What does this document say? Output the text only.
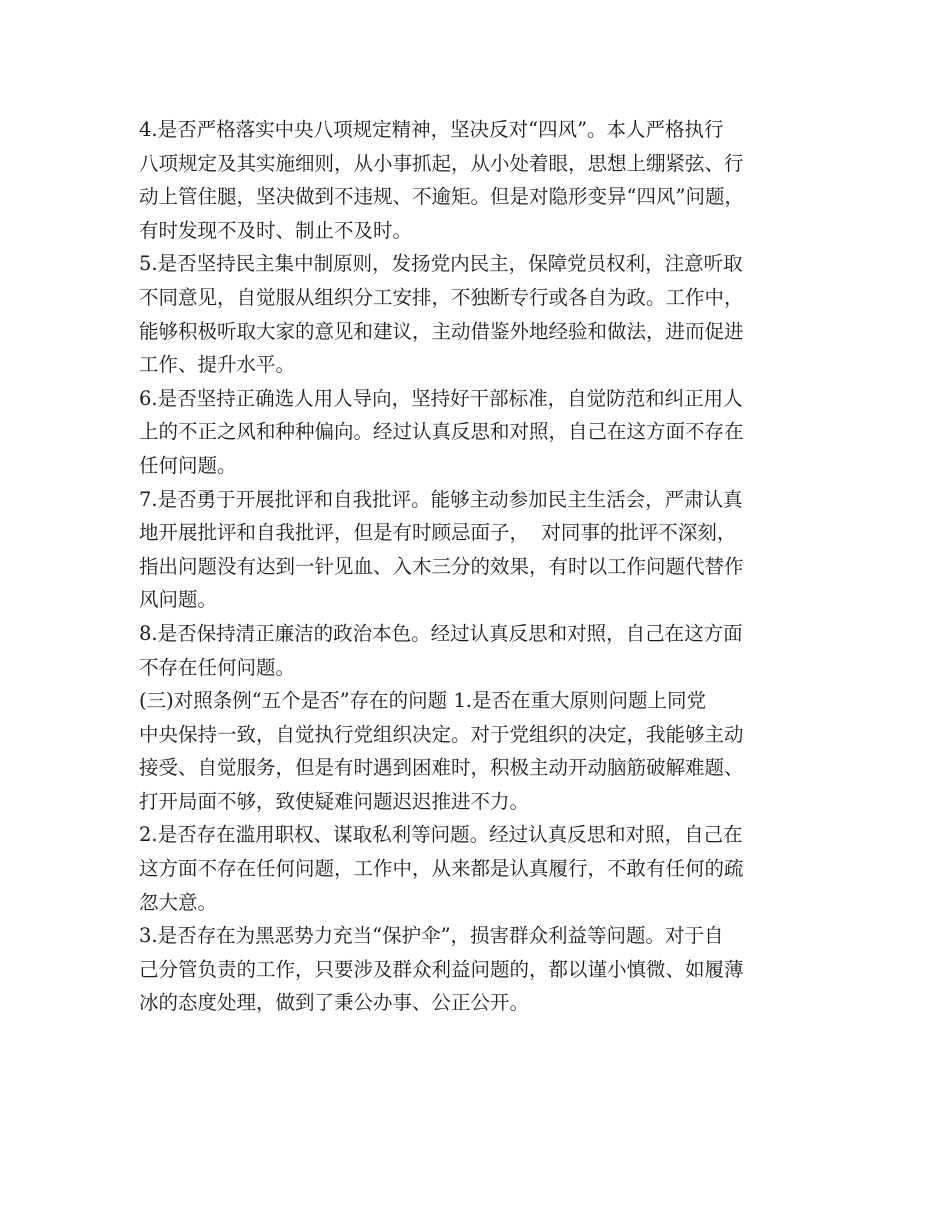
4.是否严格落实中央八项规定精神，坚决反对“四风”。本人严格执行
八项规定及其实施细则，从小事抓起，从小处着眼，思想上绷紧弦、行
动上管住腿，坚决做到不违规、不逾矩。但是对隐形变异“四风”问题，
有时发现不及时、制止不及时。
5.是否坚持民主集中制原则，发扬党内民主，保障党员权利，注意听取
不同意见，自觉服从组织分工安排，不独断专行或各自为政。工作中，
能够积极听取大家的意见和建议，主动借鉴外地经验和做法，进而促进
工作、提升水平。
6.是否坚持正确选人用人导向，坚持好干部标准，自觉防范和纠正用人
上的不正之风和种种偏向。经过认真反思和对照，自己在这方面不存在
任何问题。
7.是否勇于开展批评和自我批评。能够主动参加民主生活会，严肃认真
地开展批评和自我批评，但是有时顾忌面子，  对同事的批评不深刻，
指出问题没有达到一针见血、入木三分的效果，有时以工作问题代替作
风问题。
8.是否保持清正廉洁的政治本色。经过认真反思和对照，自己在这方面
不存在任何问题。
(三)对照条例“五个是否”存在的问题 1.是否在重大原则问题上同党
中央保持一致，自觉执行党组织决定。对于党组织的决定，我能够主动
接受、自觉服务，但是有时遇到困难时，积极主动开动脑筋破解难题、
打开局面不够，致使疑难问题迟迟推进不力。
2.是否存在滥用职权、谋取私利等问题。经过认真反思和对照，自己在
这方面不存在任何问题，工作中，从来都是认真履行，不敢有任何的疏
忽大意。
3.是否存在为黑恶势力充当“保护伞”，损害群众利益等问题。对于自
己分管负责的工作，只要涉及群众利益问题的，都以谨小慎微、如履薄
冰的态度处理，做到了秉公办事、公正公开。
